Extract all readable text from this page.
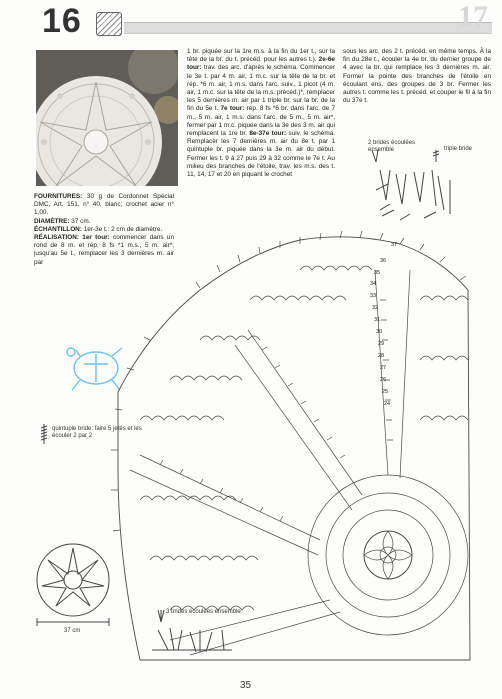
16	17
FOURNITURES: 30 g de Cordonnet Spécial DMC, Art. 151, n° 40, blanc; crochet acier n° 1,00.
DIAMÈTRE: 37 cm.
ÉCHANTILLON: 1er-3e t.: 2 cm de diamètre.
RÉALISATION: 1er tour: commencer dans un rond de 8 m. et rép. 8 fs *1 m.s., 5 m. air*; jusqu'au 5e t., remplacer les 3 dernières m. air par
1 br. piquée sur la 1re m.s. à la fin du 1er t., sur la tête de la br. du t. précéd. pour les autres t.). 2e-6e tour: trav. des arc. d'après le schéma. Commencer le 3e t. par 4 m. air, 1 m.c. sur la tête de la br. et rép. *6 m. air, 1 m.s. dans l'arc. suiv., 1 picot (4 m. air, 1 m.c. sur la tête de la m.s. précéd.)*, remplacer les 5 dernières m. air par 1 triple br. sur la br. de la fin du 5e t. 7e tour: rép. 8 fs *6 br. dans l'arc. de 7 m., 5 m. air, 1 m.s. dans l'arc. de 5 m., 5 m. air*, fermer par 1 m.c. piquée dans la 3e des 3 m. air qui remplacent la 1re br. 8e-37e tour: suiv. le schéma. Remplacer les 7 dernières m. air du 8e t. par 1 quintuple br. piquée dans la 3e m. air du début. Fermer les t. 9 à 27 puis 29 à 32 comme le 7e t. Au milieu des branches de l'étoile, trav. les m.s. des t. 11, 14, 17 et 20 en piquant le crochet
sous les arc. des 2 t. précéd. en même temps. À la fin du 28e t., écouler la 4e br. du dernier groupe de 4 avec la br. qui remplace les 3 dernières m. air. Former la pointe des branches de l'étoile en écoulant ens. des groupes de 3 br. Fermer les autres t. comme les t. précéd. et couper le fil à la fin du 37e t.
2 brides écoulées ensemble	triple bride
quintuple bride: faire 5 jetés et les écouler 2 par 2
3 brides écoulées ensemble
37 cm
35
37
36
35
34
33
32
31
30
29
28
27
26
25
24
